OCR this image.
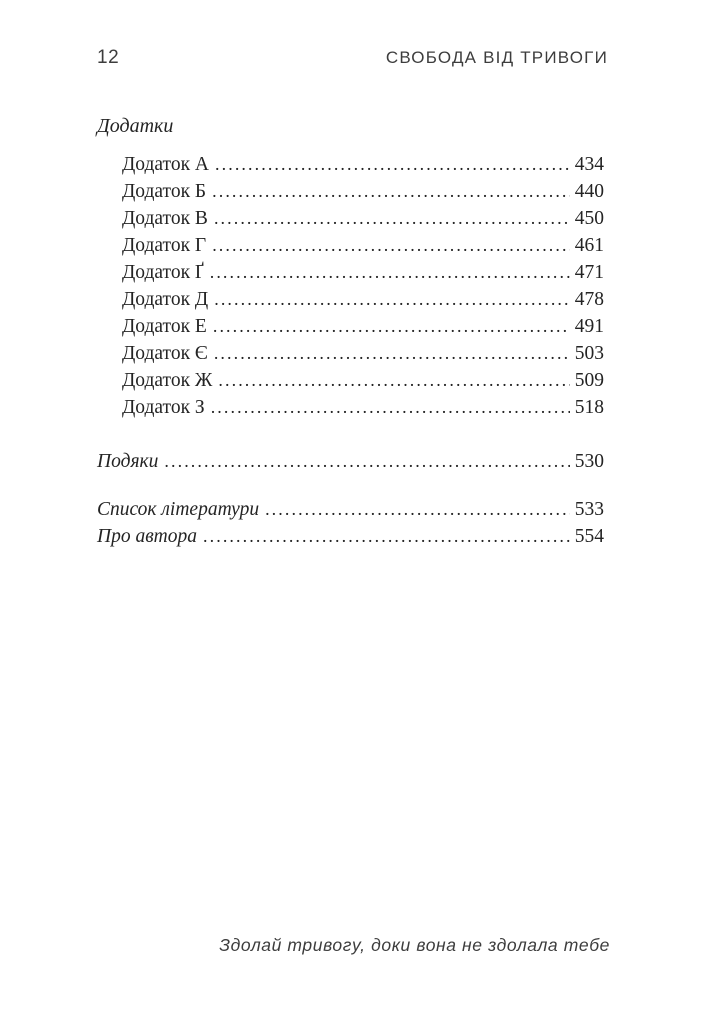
12	СВОБОДА ВІД ТРИВОГИ
Додатки
Додаток А .....	434
Додаток Б .....	440
Додаток В .....	450
Додаток Г .....	461
Додаток Ґ .....	471
Додаток Д .....	478
Додаток Е .....	491
Додаток Є .....	503
Додаток Ж .....	509
Додаток З .....	518
Подяки .....	530
Список літератури .....	533
Про автора .....	554
Здолай тривогу, доки вона не здолала тебе
